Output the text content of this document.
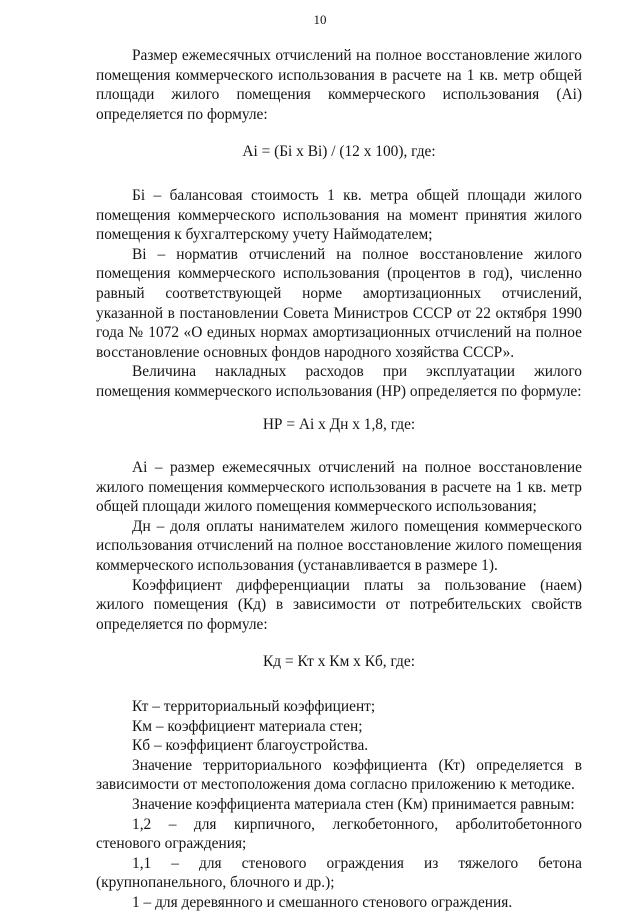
10

Размер ежемесячных отчислений на полное восстановление жилого помещения коммерческого использования в расчете на 1 кв. метр общей площади жилого помещения коммерческого использования (Аi) определяется по формуле:

Аi = (Бi x Вi) / (12 x 100), где:

Бi – балансовая стоимость 1 кв. метра общей площади жилого помещения коммерческого использования на момент принятия жилого помещения к бухгалтерскому учету Наймодателем;

Вi – норматив отчислений на полное восстановление жилого помещения коммерческого использования (процентов в год), численно равный соответствующей норме амортизационных отчислений, указанной в постановлении Совета Министров СССР от 22 октября 1990 года № 1072 «О единых нормах амортизационных отчислений на полное восстановление основных фондов народного хозяйства СССР».

Величина накладных расходов при эксплуатации жилого помещения коммерческого использования (НР) определяется по формуле:

НР = Аi х Дн х 1,8, где:

Аi – размер ежемесячных отчислений на полное восстановление жилого помещения коммерческого использования в расчете на 1 кв. метр общей площади жилого помещения коммерческого использования;

Дн – доля оплаты нанимателем жилого помещения коммерческого использования отчислений на полное восстановление жилого помещения коммерческого использования (устанавливается в размере 1).

Коэффициент дифференциации платы за пользование (наем) жилого помещения (Кд) в зависимости от потребительских свойств определяется по формуле:

Кд = Кт х Км х Кб, где:

Кт – территориальный коэффициент;

Км – коэффициент материала стен;

Кб – коэффициент благоустройства.

Значение территориального коэффициента (Кт) определяется в зависимости от местоположения дома согласно приложению к методике.

Значение коэффициента материала стен (Км) принимается равным:

1,2 – для кирпичного, легкобетонного, арболитобетонного стенового ограждения;

1,1 – для стенового ограждения из тяжелого бетона (крупнопанельного, блочного и др.);

1 – для деревянного и смешанного стенового ограждения.
